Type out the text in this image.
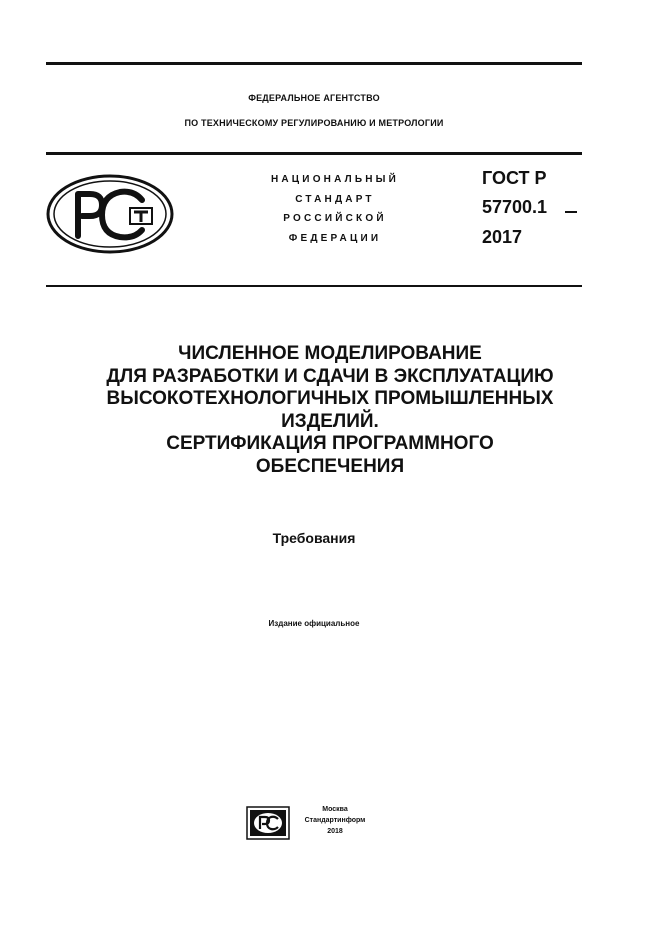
ФЕДЕРАЛЬНОЕ АГЕНТСТВО
ПО ТЕХНИЧЕСКОМУ РЕГУЛИРОВАНИЮ И МЕТРОЛОГИИ
НАЦИОНАЛЬНЫЙ
СТАНДАРТ
РОССИЙСКОЙ
ФЕДЕРАЦИИ
ГОСТ Р
57700.1
2017
ЧИСЛЕННОЕ МОДЕЛИРОВАНИЕ
ДЛЯ РАЗРАБОТКИ И СДАЧИ В ЭКСПЛУАТАЦИЮ
ВЫСОКОТЕХНОЛОГИЧНЫХ ПРОМЫШЛЕННЫХ
ИЗДЕЛИЙ.
СЕРТИФИКАЦИЯ ПРОГРАММНОГО
ОБЕСПЕЧЕНИЯ
Требования
Издание официальное
Москва
Стандартинформ
2018
